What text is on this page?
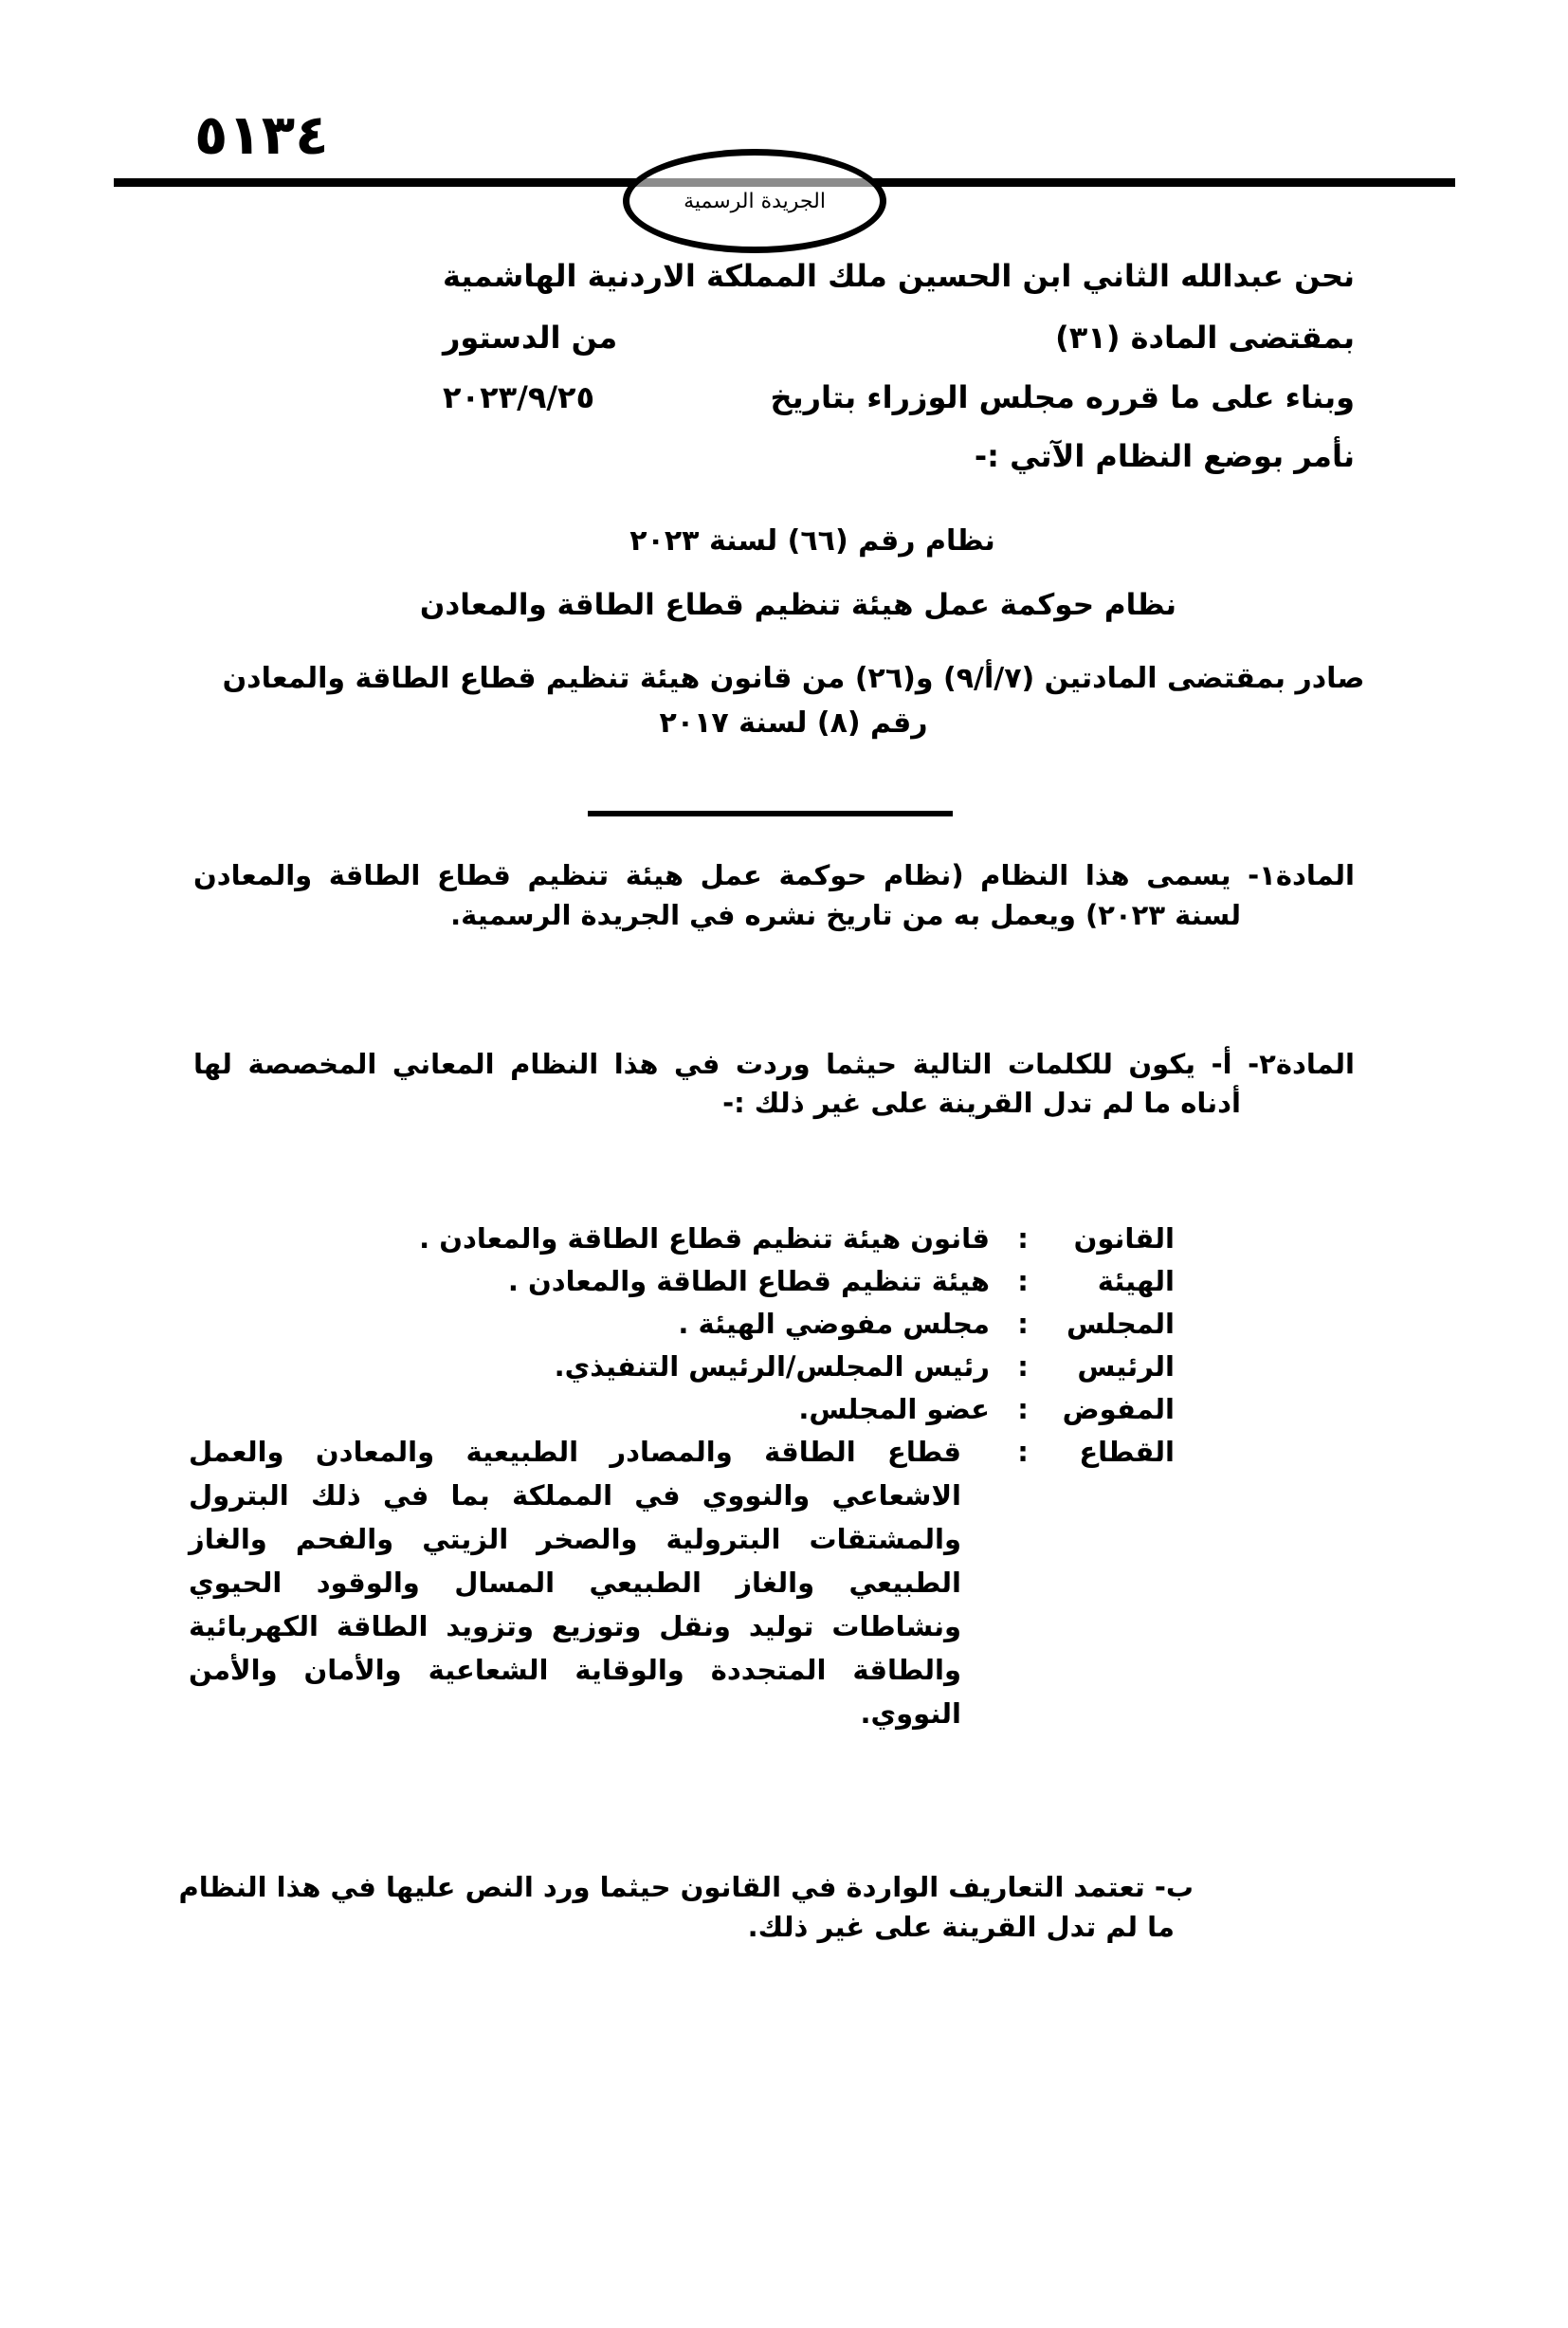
٥١٣٤
الجريدة الرسمية
نحن عبدالله الثاني ابن الحسين ملك المملكة الاردنية الهاشمية
بمقتضى المادة (٣١)
من الدستور
وبناء على ما قرره مجلس الوزراء بتاريخ
٢٠٢٣/٩/٢٥
نأمر بوضع النظام الآتي :-
نظام رقم (٦٦) لسنة ٢٠٢٣
نظام حوكمة عمل هيئة تنظيم قطاع الطاقة والمعادن
صادر بمقتضى المادتين (٧/أ/٩) و(٢٦) من قانون هيئة تنظيم قطاع الطاقة والمعادن
رقم (٨) لسنة ٢٠١٧
المادة١- يسمى هذا النظام (نظام حوكمة عمل هيئة تنظيم قطاع الطاقة والمعادن
لسنة ٢٠٢٣) ويعمل به من تاريخ نشره في الجريدة الرسمية.
المادة٢- أ- يكون للكلمات التالية حيثما وردت في هذا النظام المعاني المخصصة لها
أدناه ما لم تدل القرينة على غير ذلك :-
القانون
:
قانون هيئة تنظيم قطاع الطاقة والمعادن .
الهيئة
:
هيئة تنظيم قطاع الطاقة والمعادن .
المجلس
:
مجلس مفوضي الهيئة .
الرئيس
:
رئيس المجلس/الرئيس التنفيذي.
المفوض
:
عضو المجلس.
القطاع
:
قطاع الطاقة والمصادر الطبيعية والمعادن والعمل
الاشعاعي والنووي في المملكة بما في ذلك البترول
والمشتقات البترولية والصخر الزيتي والفحم والغاز
الطبيعي والغاز الطبيعي المسال والوقود الحيوي
ونشاطات توليد ونقل وتوزيع وتزويد الطاقة الكهربائية
والطاقة المتجددة والوقاية الشعاعية والأمان والأمن
النووي.
ب- تعتمد التعاريف الواردة في القانون حيثما ورد النص عليها في هذا النظام
ما لم تدل القرينة على غير ذلك.
